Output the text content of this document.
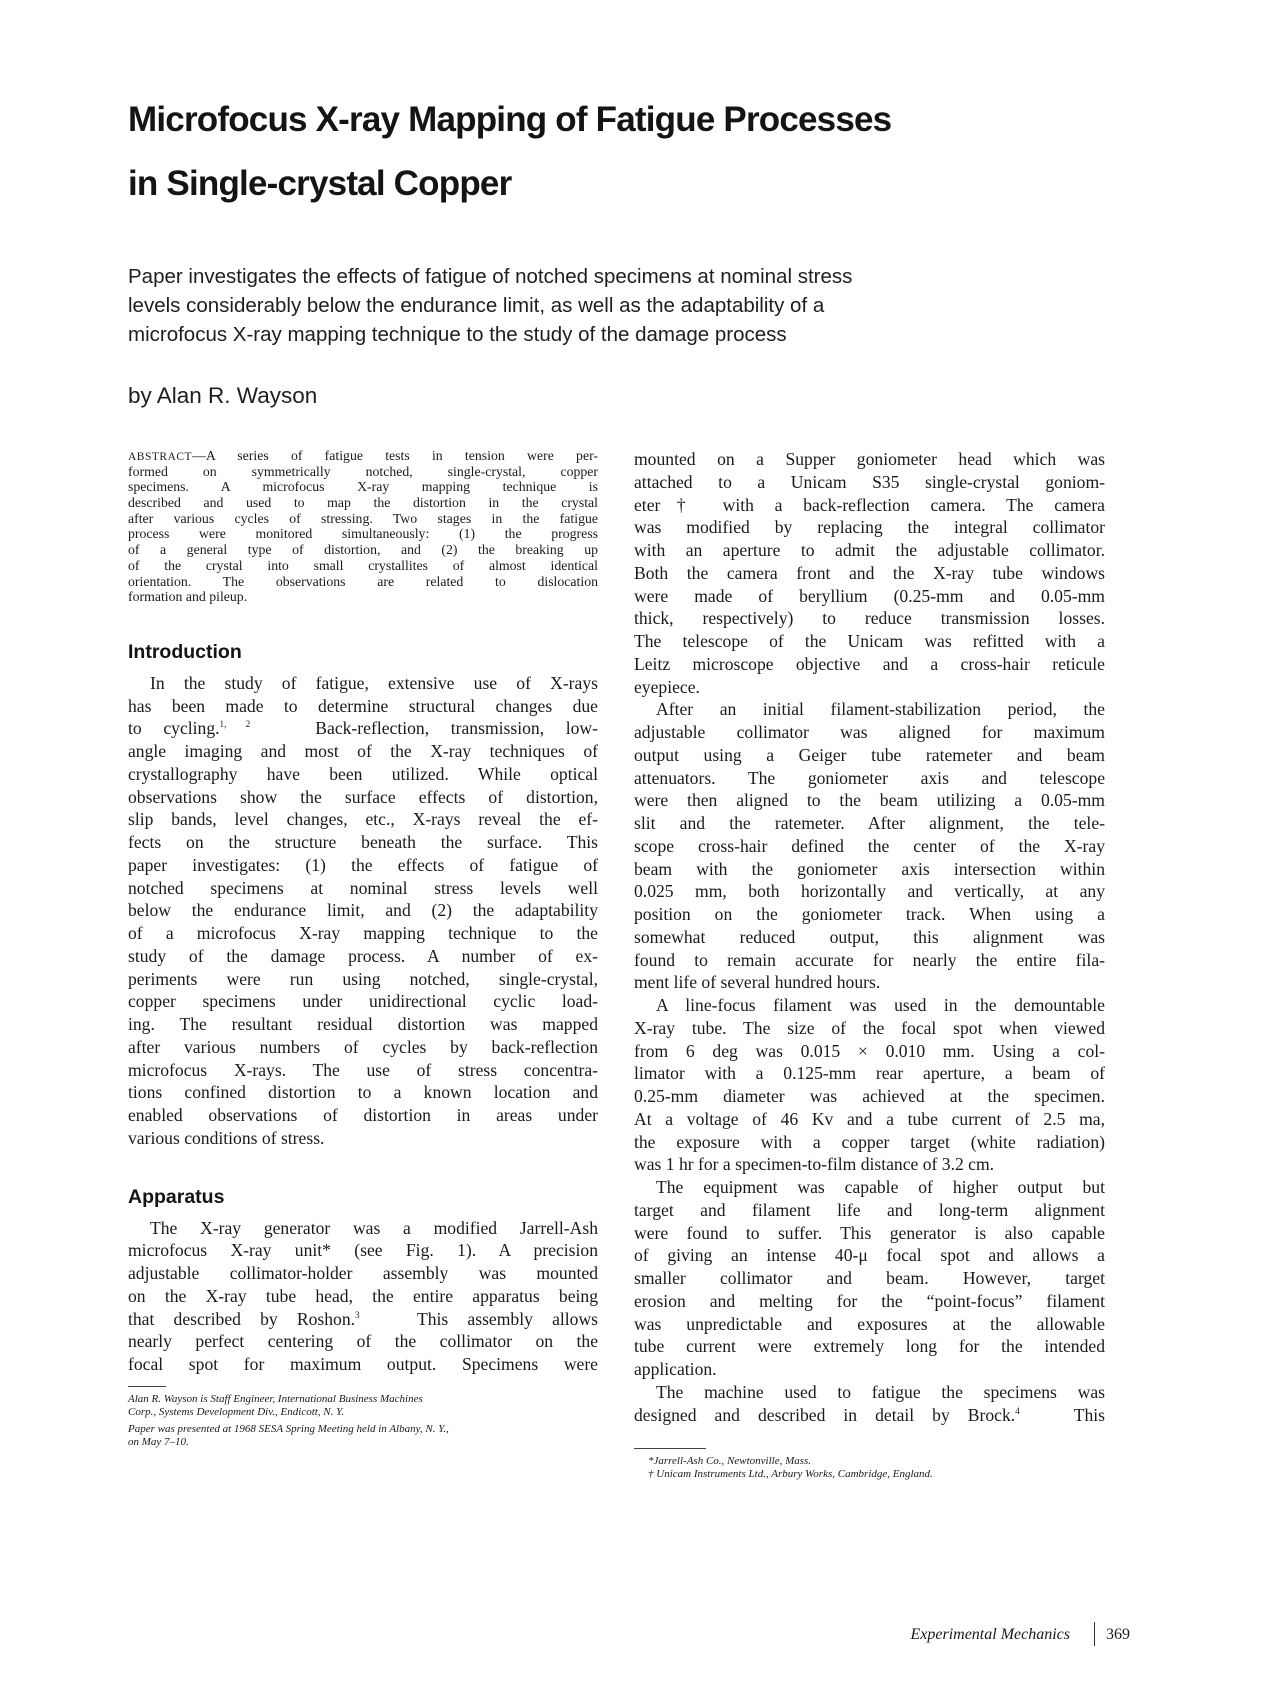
Microfocus X-ray Mapping of Fatigue Processes
in Single-crystal Copper
Paper investigates the effects of fatigue of notched specimens at nominal stress
levels considerably below the endurance limit, as well as the adaptability of a
microfocus X-ray mapping technique to the study of the damage process
by Alan R. Wayson
ABSTRACT—A series of fatigue tests in tension were per-
formed on symmetrically notched, single-crystal, copper
specimens. A microfocus X-ray mapping technique is
described and used to map the distortion in the crystal
after various cycles of stressing. Two stages in the fatigue
process were monitored simultaneously: (1) the progress
of a general type of distortion, and (2) the breaking up
of the crystal into small crystallites of almost identical
orientation. The observations are related to dislocation
formation and pileup.
Introduction
In the study of fatigue, extensive use of X-rays
has been made to determine structural changes due
to cycling.$^{1, 2}$	Back-reflection, transmission, low-
angle imaging and most of the X-ray techniques of
crystallography have been utilized. While optical
observations show the surface effects of distortion,
slip bands, level changes, etc., X-rays reveal the ef-
fects on the structure beneath the surface. This
paper investigates: (1) the effects of fatigue of
notched specimens at nominal stress levels well
below the endurance limit, and (2) the adaptability
of a microfocus X-ray mapping technique to the
study of the damage process. A number of ex-
periments were run using notched, single-crystal,
copper specimens under unidirectional cyclic load-
ing. The resultant residual distortion was mapped
after various numbers of cycles by back-reflection
microfocus X-rays. The use of stress concentra-
tions confined distortion to a known location and
enabled observations of distortion in areas under
various conditions of stress.
Apparatus
The X-ray generator was a modified Jarrell-Ash
microfocus X-ray unit* (see Fig. 1). A precision
adjustable collimator-holder assembly was mounted
on the X-ray tube head, the entire apparatus being
that described by Roshon.$^3$	This assembly allows
nearly perfect centering of the collimator on the
focal spot for maximum output. Specimens were
Alan R. Wayson is Staff Engineer, International Business Machines
Corp., Systems Development Div., Endicott, N. Y.
Paper was presented at 1968 SESA Spring Meeting held in Albany, N. Y.,
on May 7–10.
mounted on a Supper goniometer head which was
attached to a Unicam S35 single-crystal goniom-
eter† with a back-reflection camera. The camera
was modified by replacing the integral collimator
with an aperture to admit the adjustable collimator.
Both the camera front and the X-ray tube windows
were made of beryllium (0.25-mm and 0.05-mm
thick, respectively) to reduce transmission losses.
The telescope of the Unicam was refitted with a
Leitz microscope objective and a cross-hair reticule
eyepiece.
After an initial filament-stabilization period, the
adjustable collimator was aligned for maximum
output using a Geiger tube ratemeter and beam
attenuators. The goniometer axis and telescope
were then aligned to the beam utilizing a 0.05-mm
slit and the ratemeter. After alignment, the tele-
scope cross-hair defined the center of the X-ray
beam with the goniometer axis intersection within
0.025 mm, both horizontally and vertically, at any
position on the goniometer track. When using a
somewhat reduced output, this alignment was
found to remain accurate for nearly the entire fila-
ment life of several hundred hours.
A line-focus filament was used in the demountable
X-ray tube. The size of the focal spot when viewed
from 6 deg was 0.015 × 0.010 mm. Using a col-
limator with a 0.125-mm rear aperture, a beam of
0.25-mm diameter was achieved at the specimen.
At a voltage of 46 Kv and a tube current of 2.5 ma,
the exposure with a copper target (white radiation)
was 1 hr for a specimen-to-film distance of 3.2 cm.
The equipment was capable of higher output but
target and filament life and long-term alignment
were found to suffer. This generator is also capable
of giving an intense 40-μ focal spot and allows a
smaller collimator and beam. However, target
erosion and melting for the “point-focus” filament
was unpredictable and exposures at the allowable
tube current were extremely long for the intended
application.
The machine used to fatigue the specimens was
designed and described in detail by Brock.$^4$	This
*Jarrell-Ash Co., Newtonville, Mass.
† Unicam Instruments Ltd., Arbury Works, Cambridge, England.
Experimental Mechanics 369
